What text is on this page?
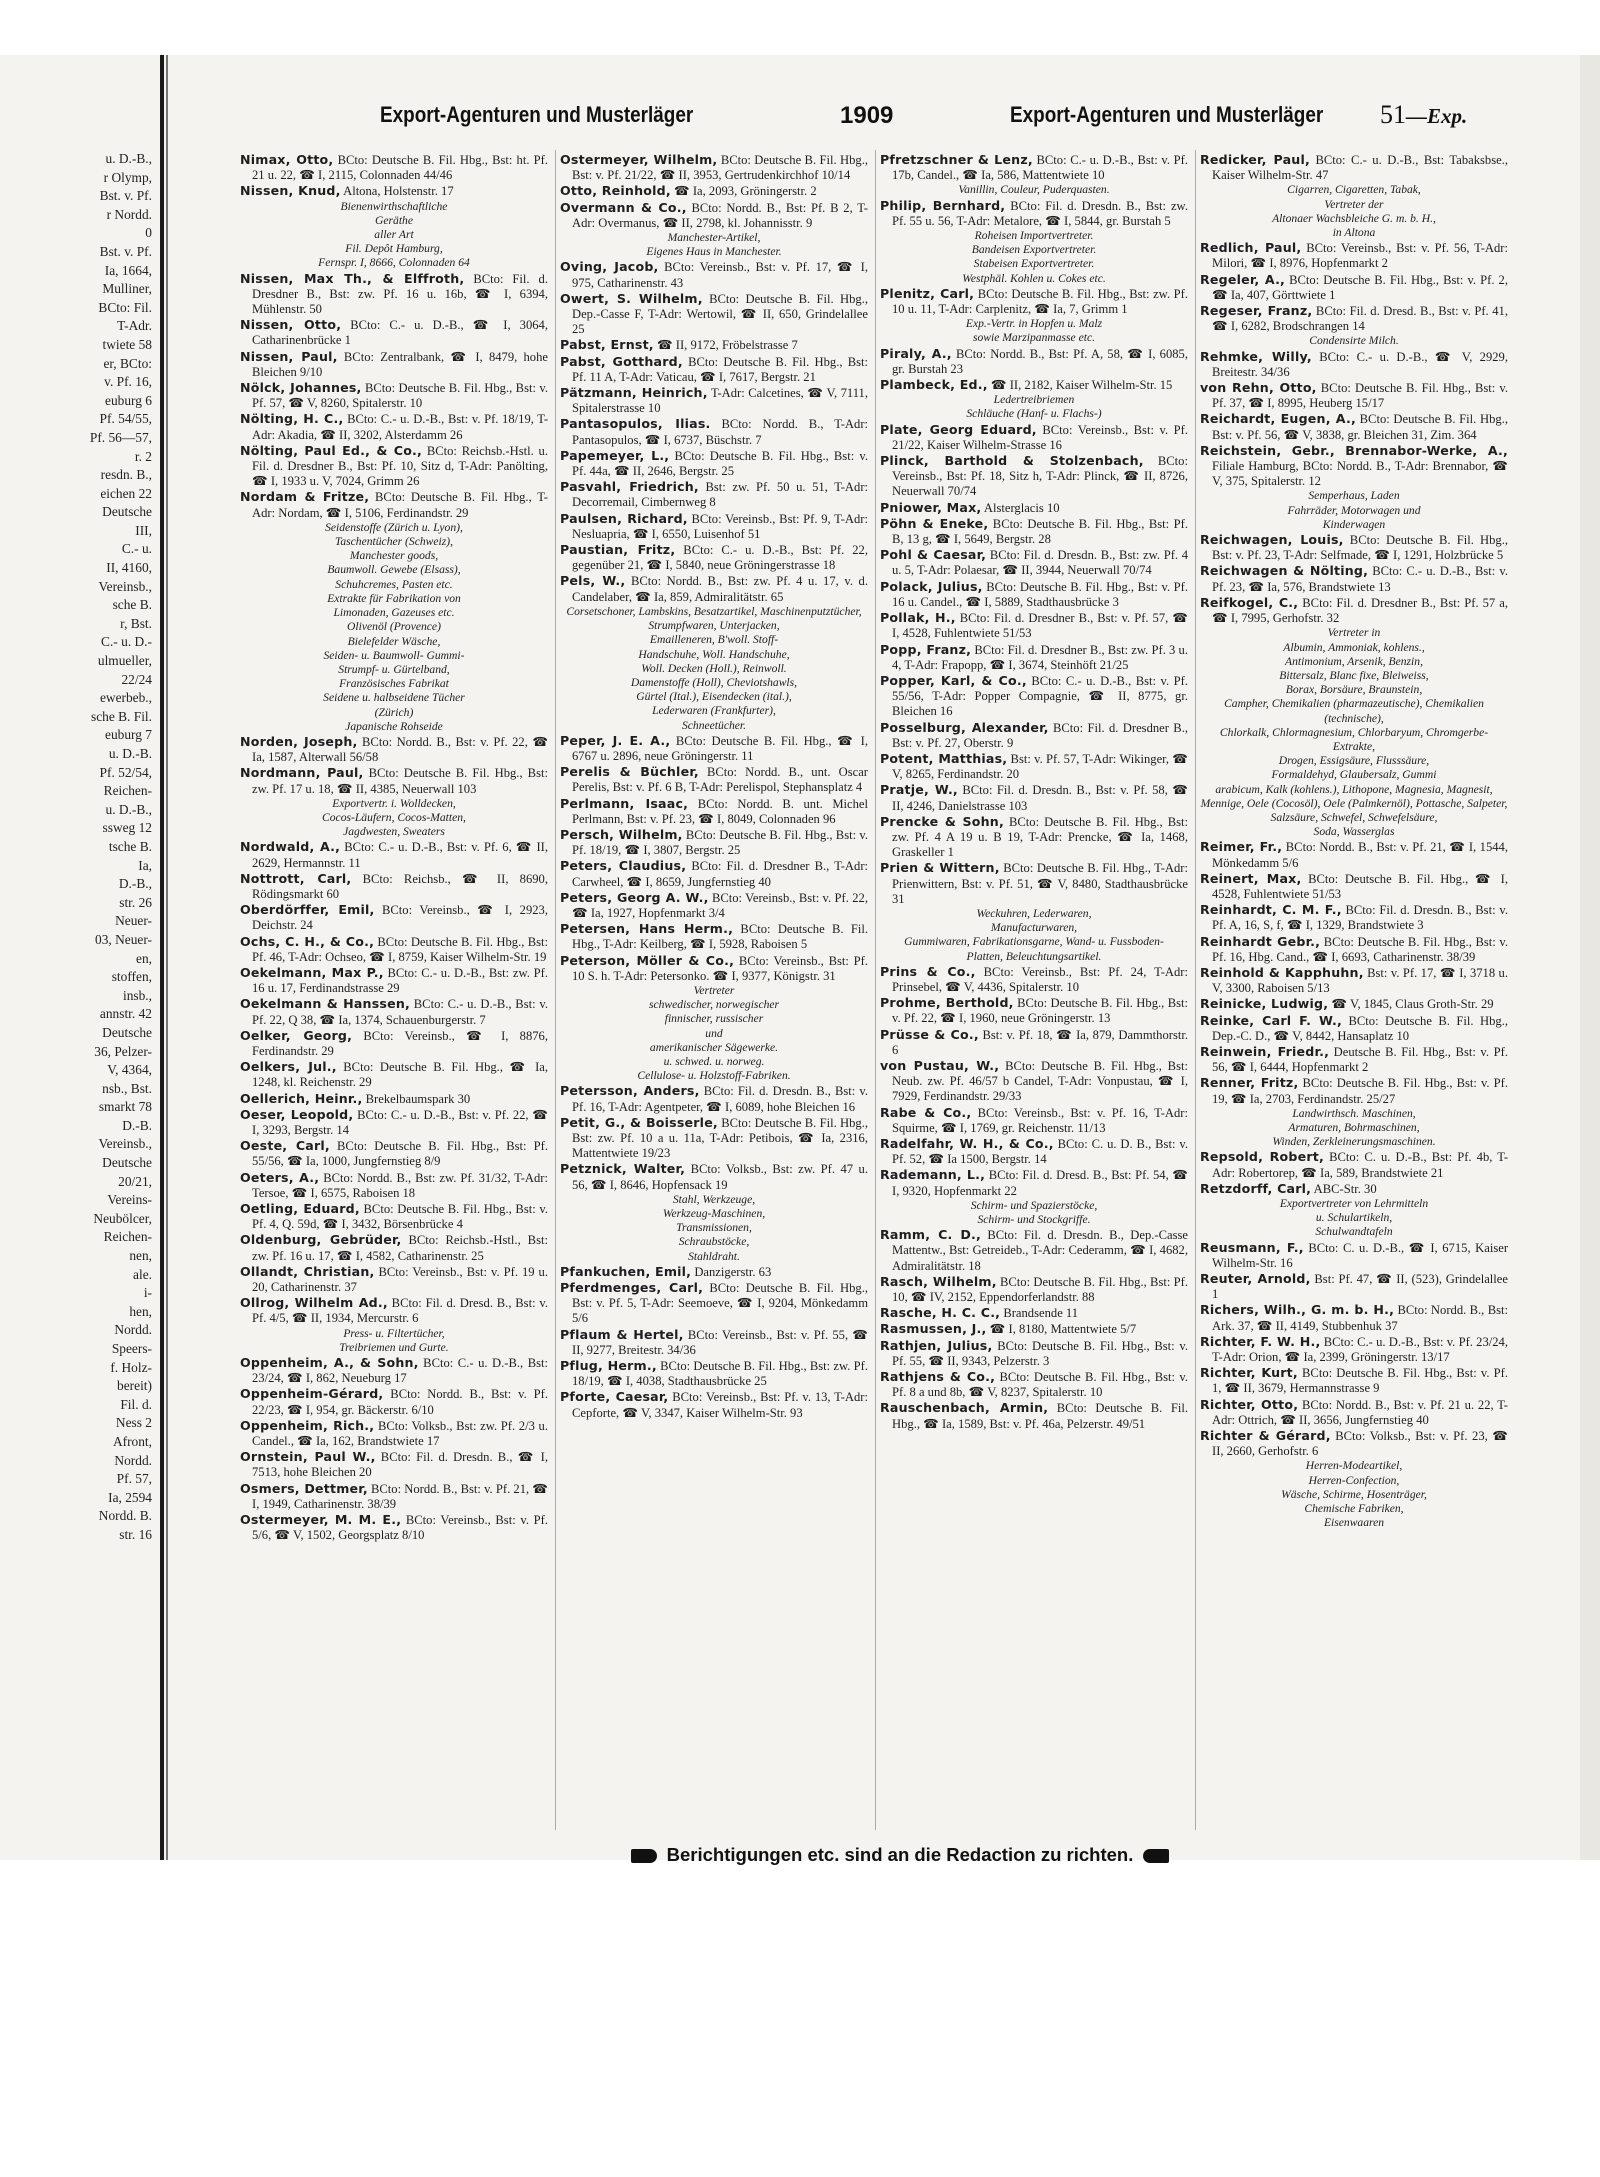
u. D.-B.,
r Olymp,
Bst. v. Pf.
r Nordd.
0
Bst. v. Pf.
Ia, 1664,
Mulliner,
BCto: Fil.
T-Adr.
twiete 58
er, BCto:
v. Pf. 16,
euburg 6
Pf. 54/55,
Pf. 56—57,
r. 2
resdn. B.,
eichen 22
Deutsche
III,
C.- u.
II, 4160,
Vereinsb.,
sche B.
r, Bst.
C.- u. D.-
ulmueller,
22/24
ewerbeb.,
sche B. Fil.
euburg 7
u. D.-B.
Pf. 52/54,
Reichen-
u. D.-B.,
ssweg 12
tsche B.
Ia,
D.-B.,
str. 26
Neuer-
03, Neuer-
en,
stoffen,
insb.,
annstr. 42
Deutsche
36, Pelzer-
V, 4364,
nsb., Bst.
smarkt 78
D.-B.
Vereinsb.,
Deutsche
20/21,
Vereins-
Neubölcer,
Reichen-
nen,
ale.
i-
hen,
Nordd.
Speers-
f. Holz-
bereit)
Fil. d.
Ness 2
Afront,
Nordd.
Pf. 57,
Ia, 2594
Nordd. B.
str. 16
Export-Agenturen und Musterläger	1909	Export-Agenturen und Musterläger 51—Exp.
Nimax, Otto, BCto: Deutsche B. Fil. Hbg., Bst: ht. Pf. 21 u. 22, ☎ I, 2115, Colonnaden 44/46
Nissen, Knud, Altona, Holstenstr. 17
Bienenwirthschaftliche
Geräthe
aller Art
Fil. Depôt Hamburg,
Fernspr. I, 8666, Colonnaden 64
Nissen, Max Th., & Elffroth, BCto: Fil. d. Dresdner B., Bst: zw. Pf. 16 u. 16b, ☎ I, 6394, Mühlenstr. 50
Nissen, Otto, BCto: C.- u. D.-B., ☎ I, 3064, Catharinenbrücke 1
Nissen, Paul, BCto: Zentralbank, ☎ I, 8479, hohe Bleichen 9/10
Nölck, Johannes, BCto: Deutsche B. Fil. Hbg., Bst: v. Pf. 57, ☎ V, 8260, Spitalerstr. 10
Nölting, H. C., BCto: C.- u. D.-B., Bst: v. Pf. 18/19, T-Adr: Akadia, ☎ II, 3202, Alsterdamm 26
Nölting, Paul Ed., & Co., BCto: Reichsb.-Hstl. u. Fil. d. Dresdner B., Bst: Pf. 10, Sitz d, T-Adr: Panölting, ☎ I, 1933 u. V, 7024, Grimm 26
Nordam & Fritze, BCto: Deutsche B. Fil. Hbg., T-Adr: Nordam, ☎ I, 5106, Ferdinandstr. 29
Seidenstoffe (Zürich u. Lyon),
Taschentücher (Schweiz),
Manchester goods,
Baumwoll. Gewebe (Elsass),
Schuhcremes, Pasten etc.
Extrakte für Fabrikation von
Limonaden, Gazeuses etc.
Olivenöl (Provence)
Bielefelder Wäsche,
Seiden- u. Baumwoll- Gummi-
Strumpf- u. Gürtelband,
Französisches Fabrikat
Seidene u. halbseidene Tücher
(Zürich)
Japanische Rohseide
Norden, Joseph, BCto: Nordd. B., Bst: v. Pf. 22, ☎ Ia, 1587, Alterwall 56/58
Nordmann, Paul, BCto: Deutsche B. Fil. Hbg., Bst: zw. Pf. 17 u. 18, ☎ II, 4385, Neuerwall 103
Exportvertr. i. Wolldecken,
Cocos-Läufern, Cocos-Matten,
Jagdwesten, Sweaters
Nordwald, A., BCto: C.- u. D.-B., Bst: v. Pf. 6, ☎ II, 2629, Hermannstr. 11
Nottrott, Carl, BCto: Reichsb., ☎ II, 8690, Rödingsmarkt 60
Oberdörffer, Emil, BCto: Vereinsb., ☎ I, 2923, Deichstr. 24
Ochs, C. H., & Co., BCto: Deutsche B. Fil. Hbg., Bst: Pf. 46, T-Adr: Ochseo, ☎ I, 8759, Kaiser Wilhelm-Str. 19
Oekelmann, Max P., BCto: C.- u. D.-B., Bst: zw. Pf. 16 u. 17, Ferdinandstrasse 29
Oekelmann & Hanssen, BCto: C.- u. D.-B., Bst: v. Pf. 22, Q 38, ☎ Ia, 1374, Schauenburgerstr. 7
Oelker, Georg, BCto: Vereinsb., ☎ I, 8876, Ferdinandstr. 29
Oelkers, Jul., BCto: Deutsche B. Fil. Hbg., ☎ Ia, 1248, kl. Reichenstr. 29
Oellerich, Heinr., Brekelbaumspark 30
Oeser, Leopold, BCto: C.- u. D.-B., Bst: v. Pf. 22, ☎ I, 3293, Bergstr. 14
Oeste, Carl, BCto: Deutsche B. Fil. Hbg., Bst: Pf. 55/56, ☎ Ia, 1000, Jungfernstieg 8/9
Oeters, A., BCto: Nordd. B., Bst: zw. Pf. 31/32, T-Adr: Tersoe, ☎ I, 6575, Raboisen 18
Oetling, Eduard, BCto: Deutsche B. Fil. Hbg., Bst: v. Pf. 4, Q. 59d, ☎ I, 3432, Börsenbrücke 4
Oldenburg, Gebrüder, BCto: Reichsb.-Hstl., Bst: zw. Pf. 16 u. 17, ☎ I, 4582, Catharinenstr. 25
Ollandt, Christian, BCto: Vereinsb., Bst: v. Pf. 19 u. 20, Catharinenstr. 37
Ollrog, Wilhelm Ad., BCto: Fil. d. Dresd. B., Bst: v. Pf. 4/5, ☎ II, 1934, Mercurstr. 6
Press- u. Filtertücher,
Treibriemen und Gurte.
Oppenheim, A., & Sohn, BCto: C.- u. D.-B., Bst: 23/24, ☎ I, 862, Neueburg 17
Oppenheim-Gérard, BCto: Nordd. B., Bst: v. Pf. 22/23, ☎ I, 954, gr. Bäckerstr. 6/10
Oppenheim, Rich., BCto: Volksb., Bst: zw. Pf. 2/3 u. Candel., ☎ Ia, 162, Brandstwiete 17
Ornstein, Paul W., BCto: Fil. d. Dresdn. B., ☎ I, 7513, hohe Bleichen 20
Osmers, Dettmer, BCto: Nordd. B., Bst: v. Pf. 21, ☎ I, 1949, Catharinenstr. 38/39
Ostermeyer, M. M. E., BCto: Vereinsb., Bst: v. Pf. 5/6, ☎ V, 1502, Georgsplatz 8/10
Ostermeyer, Wilhelm, BCto: Deutsche B. Fil. Hbg., Bst: v. Pf. 21/22, ☎ II, 3953, Gertrudenkirchhof 10/14
Otto, Reinhold, ☎ Ia, 2093, Gröningerstr. 2
Overmann & Co., BCto: Nordd. B., Bst: Pf. B 2, T-Adr: Overmanus, ☎ II, 2798, kl. Johannisstr. 9
Manchester-Artikel,
Eigenes Haus in Manchester.
Oving, Jacob, BCto: Vereinsb., Bst: v. Pf. 17, ☎ I, 975, Catharinenstr. 43
Owert, S. Wilhelm, BCto: Deutsche B. Fil. Hbg., Dep.-Casse F, T-Adr: Wertowil, ☎ II, 650, Grindelallee 25
Pabst, Ernst, ☎ II, 9172, Fröbelstrasse 7
Pabst, Gotthard, BCto: Deutsche B. Fil. Hbg., Bst: Pf. 11 A, T-Adr: Vaticau, ☎ I, 7617, Bergstr. 21
Pätzmann, Heinrich, T-Adr: Calcetines, ☎ V, 7111, Spitalerstrasse 10
Pantasopulos, Ilias. BCto: Nordd. B., T-Adr: Pantasopulos, ☎ I, 6737, Büschstr. 7
Papemeyer, L., BCto: Deutsche B. Fil. Hbg., Bst: v. Pf. 44a, ☎ II, 2646, Bergstr. 25
Pasvahl, Friedrich, Bst: zw. Pf. 50 u. 51, T-Adr: Decorremail, Cimbernweg 8
Paulsen, Richard, BCto: Vereinsb., Bst: Pf. 9, T-Adr: Nesluapria, ☎ I, 6550, Luisenhof 51
Paustian, Fritz, BCto: C.- u. D.-B., Bst: Pf. 22, gegenüber 21, ☎ I, 5840, neue Gröningerstrasse 18
Pels, W., BCto: Nordd. B., Bst: zw. Pf. 4 u. 17, v. d. Candelaber, ☎ Ia, 859, Admiralitätstr. 65
Corsetschoner, Lambskins, Besatzartikel, Maschinenputztücher,
Strumpfwaren, Unterjacken,
Emailleneren, B'woll. Stoff-
Handschuhe, Woll. Handschuhe,
Woll. Decken (Holl.), Reinwoll.
Damenstoffe (Holl), Cheviotshawls,
Gürtel (Ital.), Eisendecken (ital.),
Lederwaren (Frankfurter),
Schneetücher.
Peper, J. E. A., BCto: Deutsche B. Fil. Hbg., ☎ I, 6767 u. 2896, neue Gröningerstr. 11
Perelis & Büchler, BCto: Nordd. B., unt. Oscar Perelis, Bst: v. Pf. 6 B, T-Adr: Perelispol, Stephansplatz 4
Perlmann, Isaac, BCto: Nordd. B. unt. Michel Perlmann, Bst: v. Pf. 23, ☎ I, 8049, Colonnaden 96
Persch, Wilhelm, BCto: Deutsche B. Fil. Hbg., Bst: v. Pf. 18/19, ☎ I, 3807, Bergstr. 25
Peters, Claudius, BCto: Fil. d. Dresdner B., T-Adr: Carwheel, ☎ I, 8659, Jungfernstieg 40
Peters, Georg A. W., BCto: Vereinsb., Bst: v. Pf. 22, ☎ Ia, 1927, Hopfenmarkt 3/4
Petersen, Hans Herm., BCto: Deutsche B. Fil. Hbg., T-Adr: Keilberg, ☎ I, 5928, Raboisen 5
Peterson, Möller & Co., BCto: Vereinsb., Bst: Pf. 10 S. h. T-Adr: Petersonko. ☎ I, 9377, Königstr. 31
Vertreter
schwedischer, norwegischer
finnischer, russischer
und
amerikanischer Sägewerke.
u. schwed. u. norweg.
Cellulose- u. Holzstoff-Fabriken.
Petersson, Anders, BCto: Fil. d. Dresdn. B., Bst: v. Pf. 16, T-Adr: Agentpeter, ☎ I, 6089, hohe Bleichen 16
Petit, G., & Boisserle, BCto: Deutsche B. Fil. Hbg., Bst: zw. Pf. 10 a u. 11a, T-Adr: Petibois, ☎ Ia, 2316, Mattentwiete 19/23
Petznick, Walter, BCto: Volksb., Bst: zw. Pf. 47 u. 56, ☎ I, 8646, Hopfensack 19
Stahl, Werkzeuge,
Werkzeug-Maschinen,
Transmissionen,
Schraubstöcke,
Stahldraht.
Pfankuchen, Emil, Danzigerstr. 63
Pferdmenges, Carl, BCto: Deutsche B. Fil. Hbg., Bst: v. Pf. 5, T-Adr: Seemoeve, ☎ I, 9204, Mönkedamm 5/6
Pflaum & Hertel, BCto: Vereinsb., Bst: v. Pf. 55, ☎ II, 9277, Breitestr. 34/36
Pflug, Herm., BCto: Deutsche B. Fil. Hbg., Bst: zw. Pf. 18/19, ☎ I, 4038, Stadthausbrücke 25
Pforte, Caesar, BCto: Vereinsb., Bst: Pf. v. 13, T-Adr: Cepforte, ☎ V, 3347, Kaiser Wilhelm-Str. 93
Pfretzschner & Lenz, BCto: C.- u. D.-B., Bst: v. Pf. 17b, Candel., ☎ Ia, 586, Mattentwiete 10
Vanillin, Couleur, Puderquasten.
Philip, Bernhard, BCto: Fil. d. Dresdn. B., Bst: zw. Pf. 55 u. 56, T-Adr: Metalore, ☎ I, 5844, gr. Burstah 5
Roheisen Importvertreter.
Bandeisen Exportvertreter.
Stabeisen Exportvertreter.
Westphäl. Kohlen u. Cokes etc.
Plenitz, Carl, BCto: Deutsche B. Fil. Hbg., Bst: zw. Pf. 10 u. 11, T-Adr: Carplenitz, ☎ Ia, 7, Grimm 1
Exp.-Vertr. in Hopfen u. Malz
sowie Marzipanmasse etc.
Piraly, A., BCto: Nordd. B., Bst: Pf. A, 58, ☎ I, 6085, gr. Burstah 23
Plambeck, Ed., ☎ II, 2182, Kaiser Wilhelm-Str. 15
Ledertreibriemen
Schläuche (Hanf- u. Flachs-)
Plate, Georg Eduard, BCto: Vereinsb., Bst: v. Pf. 21/22, Kaiser Wilhelm-Strasse 16
Plinck, Barthold & Stolzenbach, BCto: Vereinsb., Bst: Pf. 18, Sitz h, T-Adr: Plinck, ☎ II, 8726, Neuerwall 70/74
Pniower, Max, Alsterglacis 10
Pöhn & Eneke, BCto: Deutsche B. Fil. Hbg., Bst: Pf. B, 13 g, ☎ I, 5649, Bergstr. 28
Pohl & Caesar, BCto: Fil. d. Dresdn. B., Bst: zw. Pf. 4 u. 5, T-Adr: Polaesar, ☎ II, 3944, Neuerwall 70/74
Polack, Julius, BCto: Deutsche B. Fil. Hbg., Bst: v. Pf. 16 u. Candel., ☎ I, 5889, Stadthausbrücke 3
Pollak, H., BCto: Fil. d. Dresdner B., Bst: v. Pf. 57, ☎ I, 4528, Fuhlentwiete 51/53
Popp, Franz, BCto: Fil. d. Dresdner B., Bst: zw. Pf. 3 u. 4, T-Adr: Frapopp, ☎ I, 3674, Steinhöft 21/25
Popper, Karl, & Co., BCto: C.- u. D.-B., Bst: v. Pf. 55/56, T-Adr: Popper Compagnie, ☎ II, 8775, gr. Bleichen 16
Posselburg, Alexander, BCto: Fil. d. Dresdner B., Bst: v. Pf. 27, Oberstr. 9
Potent, Matthias, Bst: v. Pf. 57, T-Adr: Wikinger, ☎ V, 8265, Ferdinandstr. 20
Pratje, W., BCto: Fil. d. Dresdn. B., Bst: v. Pf. 58, ☎ II, 4246, Danielstrasse 103
Prencke & Sohn, BCto: Deutsche B. Fil. Hbg., Bst: zw. Pf. 4 A 19 u. B 19, T-Adr: Prencke, ☎ Ia, 1468, Graskeller 1
Prien & Wittern, BCto: Deutsche B. Fil. Hbg., T-Adr: Prienwittern, Bst: v. Pf. 51, ☎ V, 8480, Stadthausbrücke 31
Weckuhren, Lederwaren,
Manufacturwaren,
Gummiwaren, Fabrikationsgarne, Wand- u. Fussboden-
Platten, Beleuchtungsartikel.
Prins & Co., BCto: Vereinsb., Bst: Pf. 24, T-Adr: Prinsebel, ☎ V, 4436, Spitalerstr. 10
Prohme, Berthold, BCto: Deutsche B. Fil. Hbg., Bst: v. Pf. 22, ☎ I, 1960, neue Gröningerstr. 13
Prüsse & Co., Bst: v. Pf. 18, ☎ Ia, 879, Dammthorstr. 6
von Pustau, W., BCto: Deutsche B. Fil. Hbg., Bst: Neub. zw. Pf. 46/57 b Candel, T-Adr: Vonpustau, ☎ I, 7929, Ferdinandstr. 29/33
Rabe & Co., BCto: Vereinsb., Bst: v. Pf. 16, T-Adr: Squirme, ☎ I, 1769, gr. Reichenstr. 11/13
Radelfahr, W. H., & Co., BCto: C. u. D. B., Bst: v. Pf. 52, ☎ Ia 1500, Bergstr. 14
Rademann, L., BCto: Fil. d. Dresd. B., Bst: Pf. 54, ☎ I, 9320, Hopfenmarkt 22
Schirm- und Spazierstöcke,
Schirm- und Stockgriffe.
Ramm, C. D., BCto: Fil. d. Dresdn. B., Dep.-Casse Mattentw., Bst: Getreideb., T-Adr: Cederamm, ☎ I, 4682, Admiralitätstr. 18
Rasch, Wilhelm, BCto: Deutsche B. Fil. Hbg., Bst: Pf. 10, ☎ IV, 2152, Eppendorferlandstr. 88
Rasche, H. C. C., Brandsende 11
Rasmussen, J., ☎ I, 8180, Mattentwiete 5/7
Rathjen, Julius, BCto: Deutsche B. Fil. Hbg., Bst: v. Pf. 55, ☎ II, 9343, Pelzerstr. 3
Rathjens & Co., BCto: Deutsche B. Fil. Hbg., Bst: v. Pf. 8 a und 8b, ☎ V, 8237, Spitalerstr. 10
Rauschenbach, Armin, BCto: Deutsche B. Fil. Hbg., ☎ Ia, 1589, Bst: v. Pf. 46a, Pelzerstr. 49/51
Redicker, Paul, BCto: C.- u. D.-B., Bst: Tabaksbse., Kaiser Wilhelm-Str. 47
Cigarren, Cigaretten, Tabak,
Vertreter der
Altonaer Wachsbleiche G. m. b. H.,
in Altona
Redlich, Paul, BCto: Vereinsb., Bst: v. Pf. 56, T-Adr: Milori, ☎ I, 8976, Hopfenmarkt 2
Regeler, A., BCto: Deutsche B. Fil. Hbg., Bst: v. Pf. 2, ☎ Ia, 407, Görttwiete 1
Regeser, Franz, BCto: Fil. d. Dresd. B., Bst: v. Pf. 41, ☎ I, 6282, Brodschrangen 14
Condensirte Milch.
Rehmke, Willy, BCto: C.- u. D.-B., ☎ V, 2929, Breitestr. 34/36
von Rehn, Otto, BCto: Deutsche B. Fil. Hbg., Bst: v. Pf. 37, ☎ I, 8995, Heuberg 15/17
Reichardt, Eugen, A., BCto: Deutsche B. Fil. Hbg., Bst: v. Pf. 56, ☎ V, 3838, gr. Bleichen 31, Zim. 364
Reichstein, Gebr., Brennabor-Werke, A., Filiale Hamburg, BCto: Nordd. B., T-Adr: Brennabor, ☎ V, 375, Spitalerstr. 12
Semperhaus, Laden
Fahrräder, Motorwagen und
Kinderwagen
Reichwagen, Louis, BCto: Deutsche B. Fil. Hbg., Bst: v. Pf. 23, T-Adr: Selfmade, ☎ I, 1291, Holzbrücke 5
Reichwagen & Nölting, BCto: C.- u. D.-B., Bst: v. Pf. 23, ☎ Ia, 576, Brandstwiete 13
Reifkogel, C., BCto: Fil. d. Dresdner B., Bst: Pf. 57 a, ☎ I, 7995, Gerhofstr. 32
Vertreter in
Albumin, Ammoniak, kohlens.,
Antimonium, Arsenik, Benzin,
Bittersalz, Blanc fixe, Bleiweiss,
Borax, Borsäure, Braunstein,
Campher, Chemikalien (pharmazeutische), Chemikalien (technische),
Chlorkalk, Chlormagnesium, Chlorbaryum, Chromgerbe-Extrakte,
Drogen, Essigsäure, Flusssäure,
Formaldehyd, Glaubersalz, Gummi
arabicum, Kalk (kohlens.), Lithopone, Magnesia, Magnesit, Mennige, Oele (Cocosöl), Oele (Palmkernöl), Pottasche, Salpeter, Salzsäure, Schwefel, Schwefelsäure,
Soda, Wasserglas
Reimer, Fr., BCto: Nordd. B., Bst: v. Pf. 21, ☎ I, 1544, Mönkedamm 5/6
Reinert, Max, BCto: Deutsche B. Fil. Hbg., ☎ I, 4528, Fuhlentwiete 51/53
Reinhardt, C. M. F., BCto: Fil. d. Dresdn. B., Bst: v. Pf. A, 16, S, f, ☎ I, 1329, Brandstwiete 3
Reinhardt Gebr., BCto: Deutsche B. Fil. Hbg., Bst: v. Pf. 16, Hbg. Cand., ☎ I, 6693, Catharinenstr. 38/39
Reinhold & Kapphuhn, Bst: v. Pf. 17, ☎ I, 3718 u. V, 3300, Raboisen 5/13
Reinicke, Ludwig, ☎ V, 1845, Claus Groth-Str. 29
Reinke, Carl F. W., BCto: Deutsche B. Fil. Hbg., Dep.-C. D., ☎ V, 8442, Hansaplatz 10
Reinwein, Friedr., Deutsche B. Fil. Hbg., Bst: v. Pf. 56, ☎ I, 6444, Hopfenmarkt 2
Renner, Fritz, BCto: Deutsche B. Fil. Hbg., Bst: v. Pf. 19, ☎ Ia, 2703, Ferdinandstr. 25/27
Landwirthsch. Maschinen,
Armaturen, Bohrmaschinen,
Winden, Zerkleinerungsmaschinen.
Repsold, Robert, BCto: C. u. D.-B., Bst: Pf. 4b, T-Adr: Robertorep, ☎ Ia, 589, Brandstwiete 21
Retzdorff, Carl, ABC-Str. 30
Exportvertreter von Lehrmitteln
u. Schulartikeln,
Schulwandtafeln
Reusmann, F., BCto: C. u. D.-B., ☎ I, 6715, Kaiser Wilhelm-Str. 16
Reuter, Arnold, Bst: Pf. 47, ☎ II, (523), Grindelallee 1
Richers, Wilh., G. m. b. H., BCto: Nordd. B., Bst: Ark. 37, ☎ II, 4149, Stubbenhuk 37
Richter, F. W. H., BCto: C.- u. D.-B., Bst: v. Pf. 23/24, T-Adr: Orion, ☎ Ia, 2399, Gröningerstr. 13/17
Richter, Kurt, BCto: Deutsche B. Fil. Hbg., Bst: v. Pf. 1, ☎ II, 3679, Hermannstrasse 9
Richter, Otto, BCto: Nordd. B., Bst: v. Pf. 21 u. 22, T-Adr: Ottrich, ☎ II, 3656, Jungfernstieg 40
Richter & Gérard, BCto: Volksb., Bst: v. Pf. 23, ☎ II, 2660, Gerhofstr. 6
Herren-Modeartikel,
Herren-Confection,
Wäsche, Schirme, Hosenträger,
Chemische Fabriken,
Eisenwaaren
Berichtigungen etc. sind an die Redaction zu richten.
